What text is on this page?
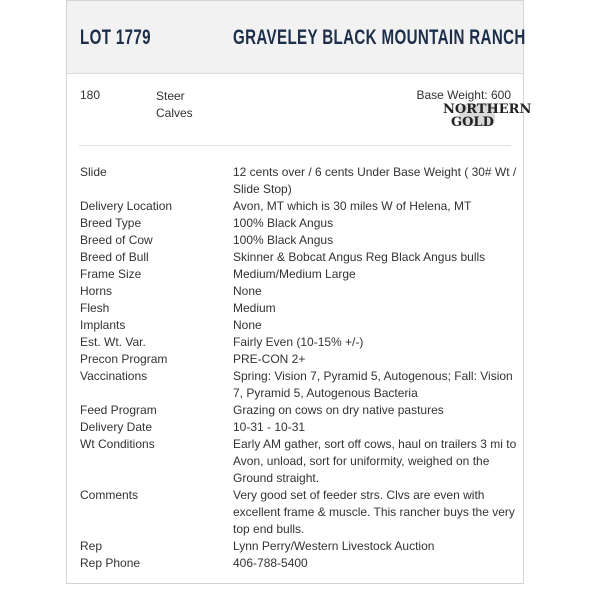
LOT 1779	GRAVELEY BLACK MOUNTAIN RANCH
180	Steer Calves
Base Weight: 600
NORTHERN
GOLD
Slide	12 cents over / 6 cents Under Base Weight ( 30# Wt / Slide Stop)
Delivery Location	Avon, MT which is 30 miles W of Helena, MT
Breed Type	100% Black Angus
Breed of Cow	100% Black Angus
Breed of Bull	Skinner & Bobcat Angus Reg Black Angus bulls
Frame Size	Medium/Medium Large
Horns	None
Flesh	Medium
Implants	None
Est. Wt. Var.	Fairly Even (10-15% +/-)
Precon Program	PRE-CON 2+
Vaccinations	Spring: Vision 7, Pyramid 5, Autogenous; Fall: Vision 7, Pyramid 5, Autogenous Bacteria
Feed Program	Grazing on cows on dry native pastures
Delivery Date	10-31 - 10-31
Wt Conditions	Early AM gather, sort off cows, haul on trailers 3 mi to Avon, unload, sort for uniformity, weighed on the Ground straight.
Comments	Very good set of feeder strs. Clvs are even with excellent frame & muscle. This rancher buys the very top end bulls.
Rep	Lynn Perry/Western Livestock Auction
Rep Phone	406-788-5400
